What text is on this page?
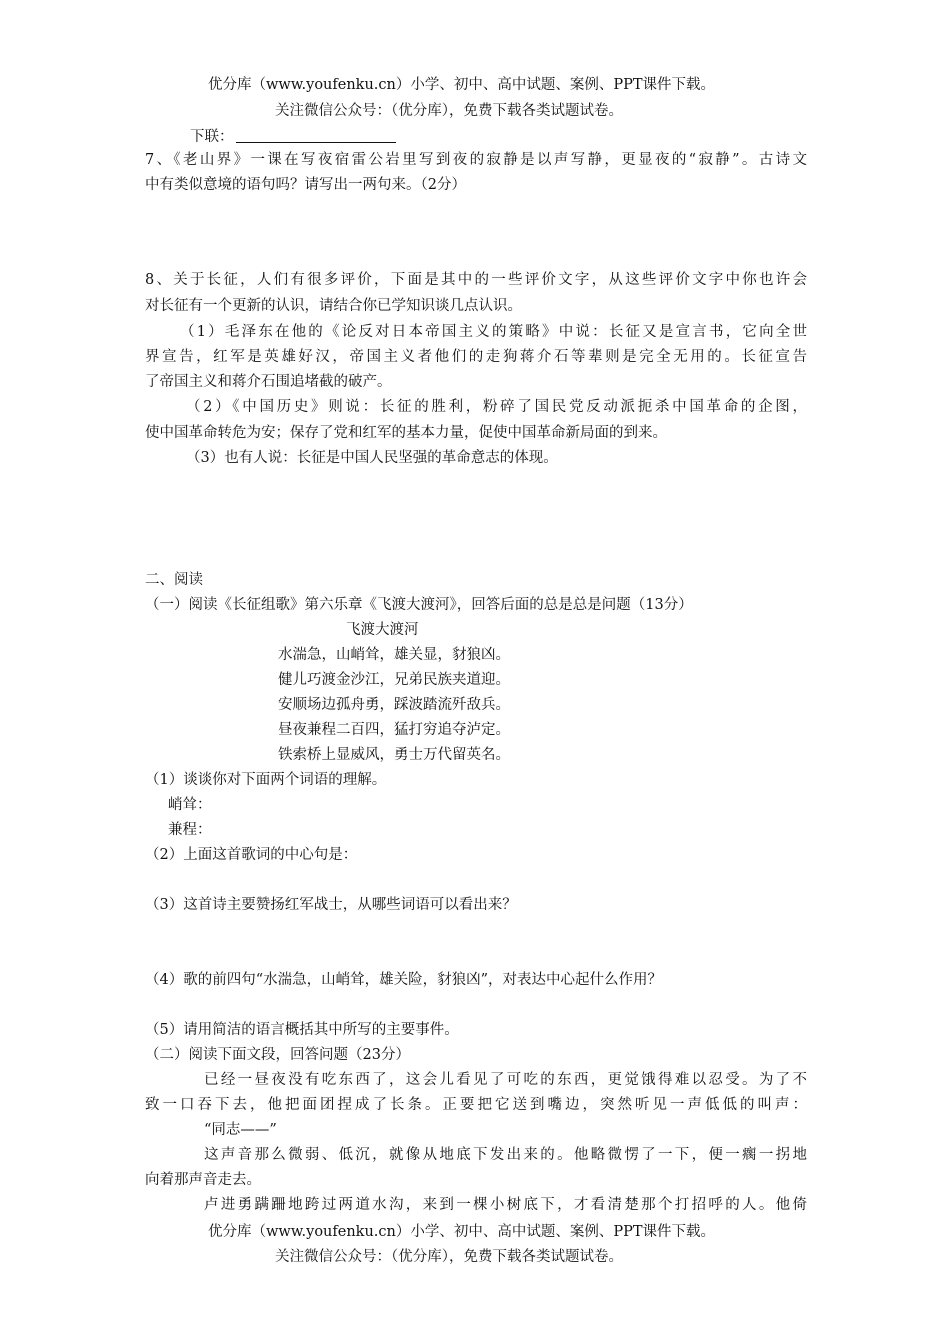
优分库（www.youfenku.cn）小学、初中、高中试题、案例、PPT课件下载。
关注微信公众号：（优分库），免费下载各类试题试卷。
下联：
7、《老山界》一课在写夜宿雷公岩里写到夜的寂静是以声写静，更显夜的“寂静”。古诗文
中有类似意境的语句吗？请写出一两句来。（2分）
8、关于长征，人们有很多评价，下面是其中的一些评价文字，从这些评价文字中你也许会
对长征有一个更新的认识，请结合你已学知识谈几点认识。
（1）毛泽东在他的《论反对日本帝国主义的策略》中说：长征又是宣言书，它向全世
界宣告，红军是英雄好汉，帝国主义者他们的走狗蒋介石等辈则是完全无用的。长征宣告
了帝国主义和蒋介石围追堵截的破产。
（2）《中国历史》则说：长征的胜利，粉碎了国民党反动派扼杀中国革命的企图，
使中国革命转危为安；保存了党和红军的基本力量，促使中国革命新局面的到来。
（3）也有人说：长征是中国人民坚强的革命意志的体现。
二、阅读
（一）阅读《长征组歌》第六乐章《飞渡大渡河》，回答后面的总是总是问题（13分）
飞渡大渡河
水湍急，山峭耸，雄关显，豺狼凶。
健儿巧渡金沙江，兄弟民族夹道迎。
安顺场边孤舟勇，踩波踏流歼敌兵。
昼夜兼程二百四，猛打穷追夺泸定。
铁索桥上显威风，勇士万代留英名。
（1）谈谈你对下面两个词语的理解。
峭耸：
兼程：
（2）上面这首歌词的中心句是：
（3）这首诗主要赞扬红军战士，从哪些词语可以看出来？
（4）歌的前四句“水湍急，山峭耸，雄关险，豺狼凶”，对表达中心起什么作用？
（5）请用简洁的语言概括其中所写的主要事件。
（二）阅读下面文段，回答问题（23分）
已经一昼夜没有吃东西了，这会儿看见了可吃的东西，更觉饿得难以忍受。为了不
致一口吞下去，他把面团捏成了长条。正要把它送到嘴边，突然听见一声低低的叫声：
“同志——”
这声音那么微弱、低沉，就像从地底下发出来的。他略微愣了一下，便一瘸一拐地
向着那声音走去。
卢进勇蹒跚地跨过两道水沟，来到一棵小树底下，才看清楚那个打招呼的人。他倚
优分库（www.youfenku.cn）小学、初中、高中试题、案例、PPT课件下载。
关注微信公众号：（优分库），免费下载各类试题试卷。
